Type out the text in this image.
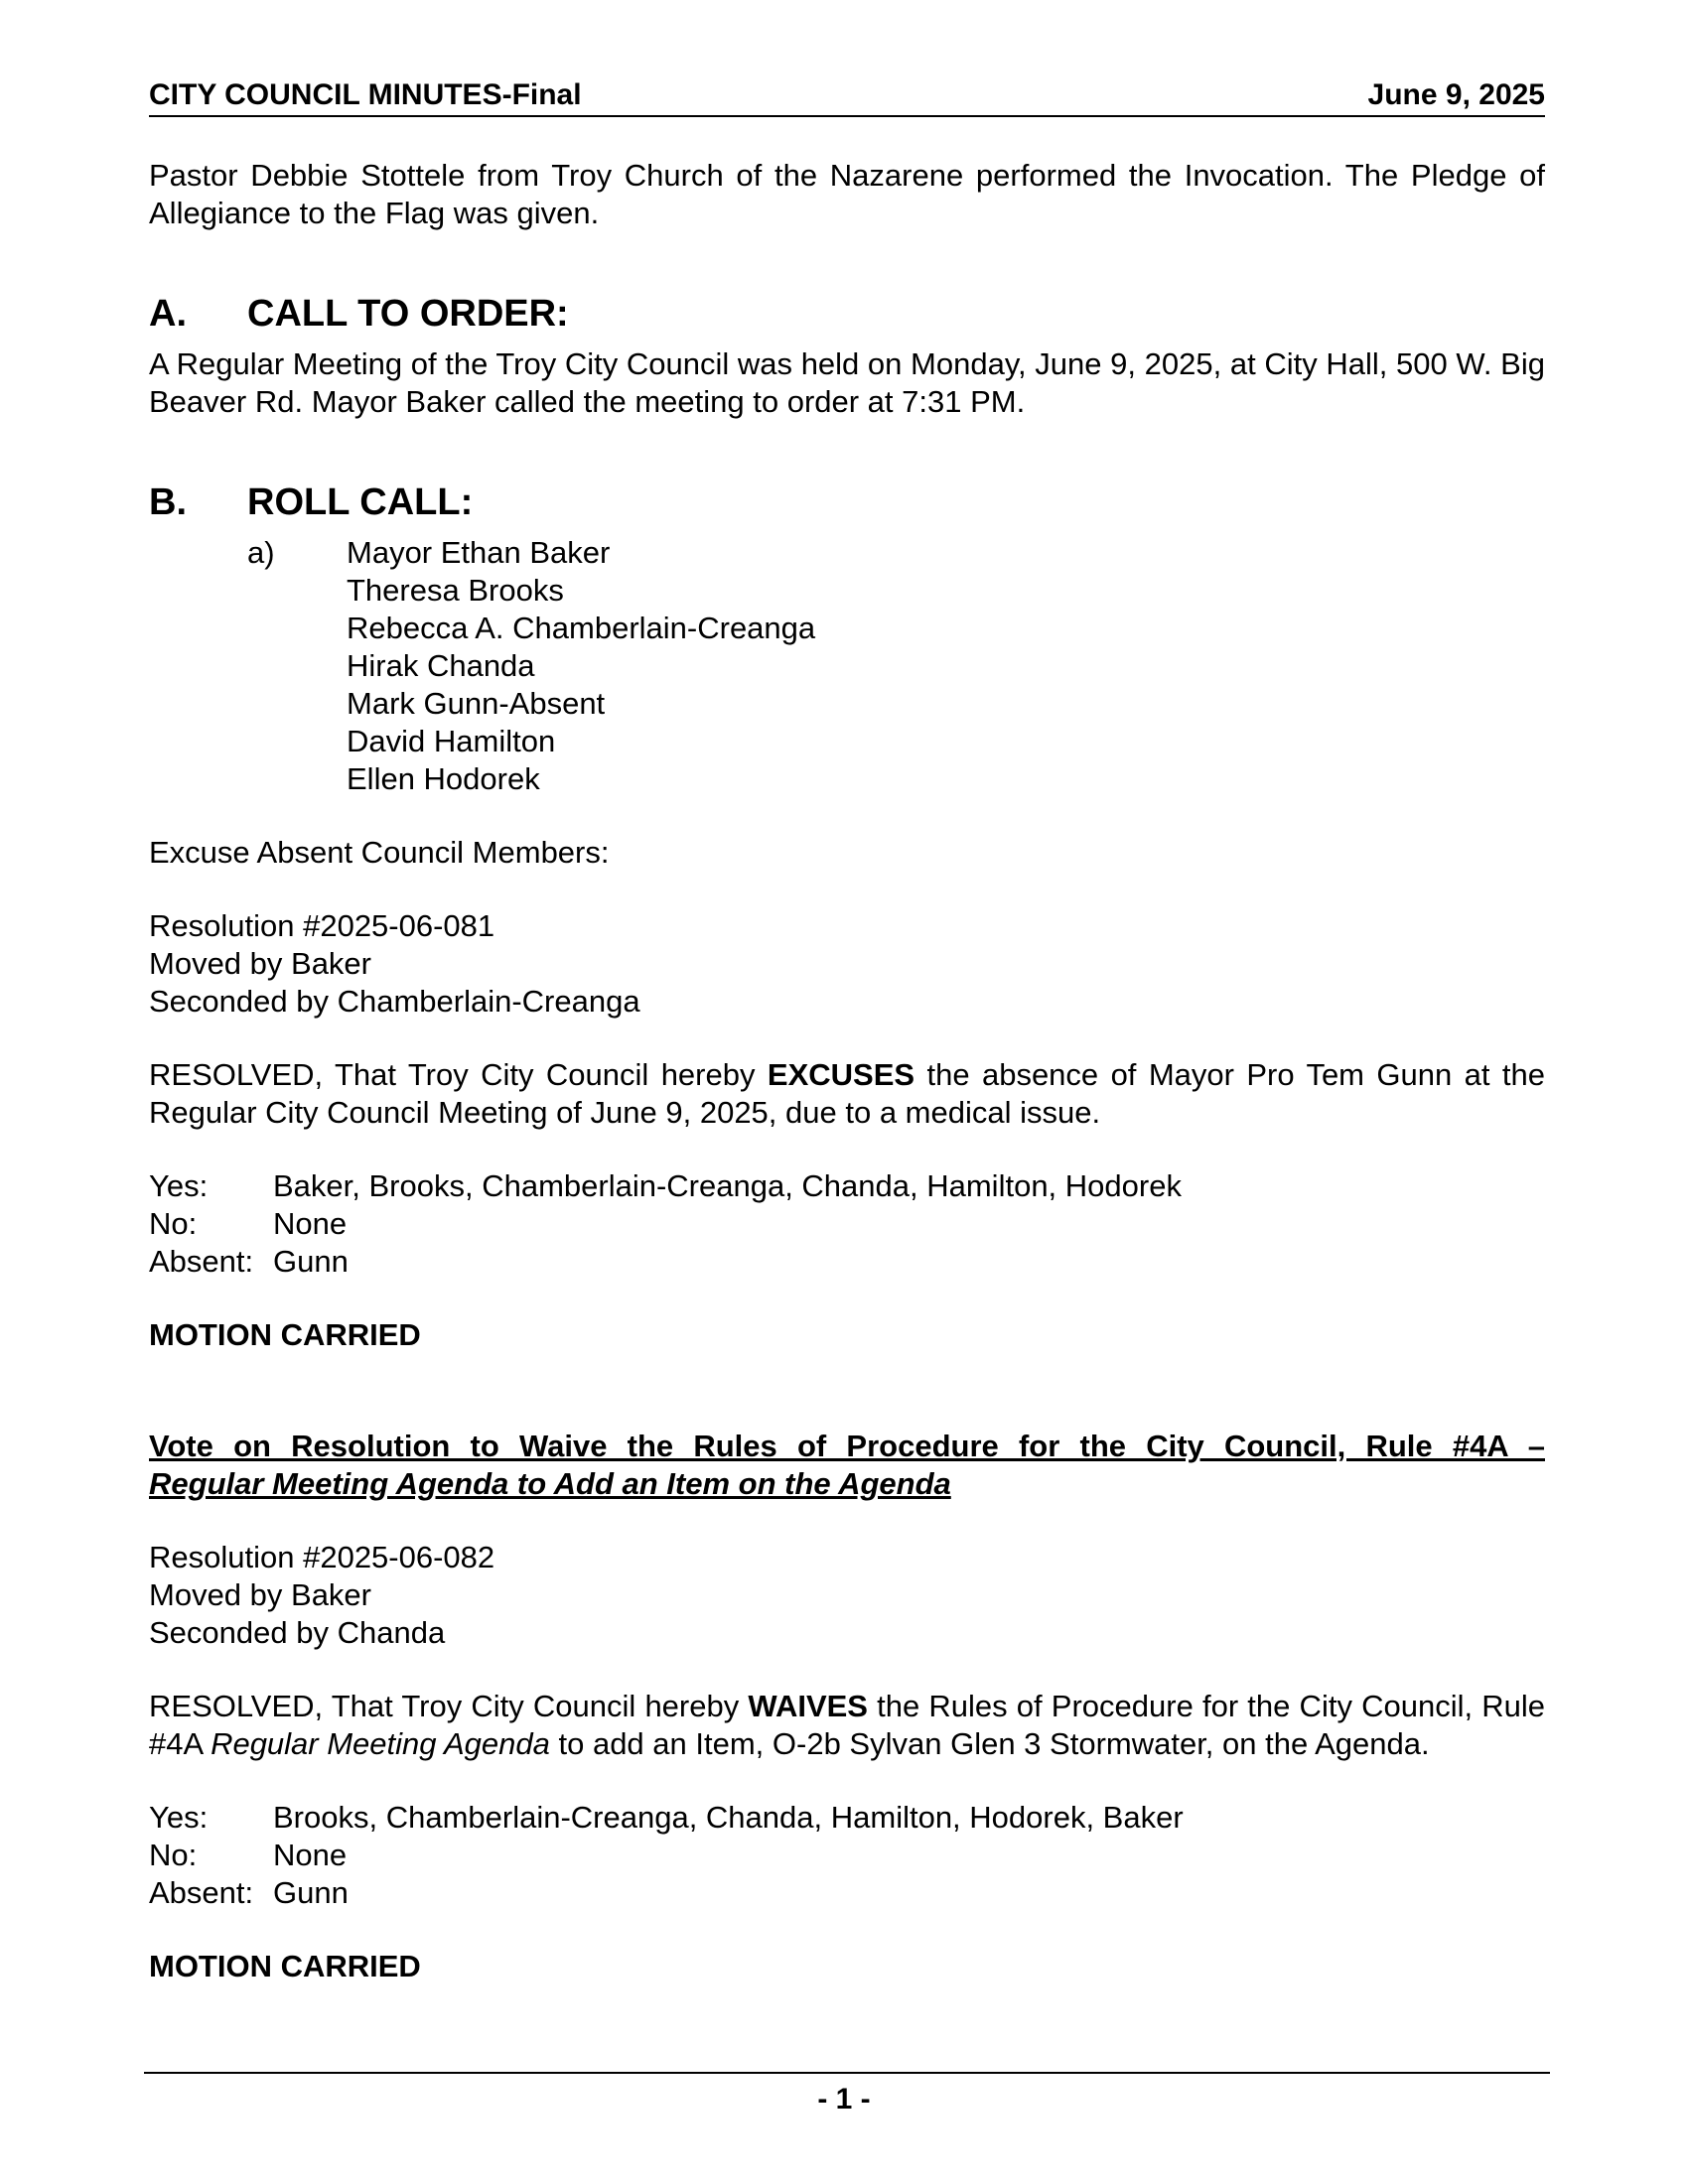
CITY COUNCIL MINUTES-Final	June 9, 2025

Pastor Debbie Stottele from Troy Church of the Nazarene performed the Invocation. The Pledge of Allegiance to the Flag was given.

A.	CALL TO ORDER:

A Regular Meeting of the Troy City Council was held on Monday, June 9, 2025, at City Hall, 500 W. Big Beaver Rd. Mayor Baker called the meeting to order at 7:31 PM.

B.	ROLL CALL:
a)	Mayor Ethan Baker
Theresa Brooks
Rebecca A. Chamberlain-Creanga
Hirak Chanda
Mark Gunn-Absent
David Hamilton
Ellen Hodorek

Excuse Absent Council Members:

Resolution #2025-06-081

Moved by Baker

Seconded by Chamberlain-Creanga

RESOLVED, That Troy City Council hereby EXCUSES the absence of Mayor Pro Tem Gunn at the Regular City Council Meeting of June 9, 2025, due to a medical issue.

Yes:	Baker, Brooks, Chamberlain-Creanga, Chanda, Hamilton, Hodorek
No:	None
Absent: Gunn

MOTION CARRIED

Vote on Resolution to Waive the Rules of Procedure for the City Council, Rule #4A –
Regular Meeting Agenda to Add an Item on the Agenda

Resolution #2025-06-082

Moved by Baker

Seconded by Chanda

RESOLVED, That Troy City Council hereby WAIVES the Rules of Procedure for the City Council, Rule #4A Regular Meeting Agenda to add an Item, O-2b Sylvan Glen 3 Stormwater, on the Agenda.

Yes:	Brooks, Chamberlain-Creanga, Chanda, Hamilton, Hodorek, Baker
No:	None
Absent: Gunn

MOTION CARRIED

- 1 -
